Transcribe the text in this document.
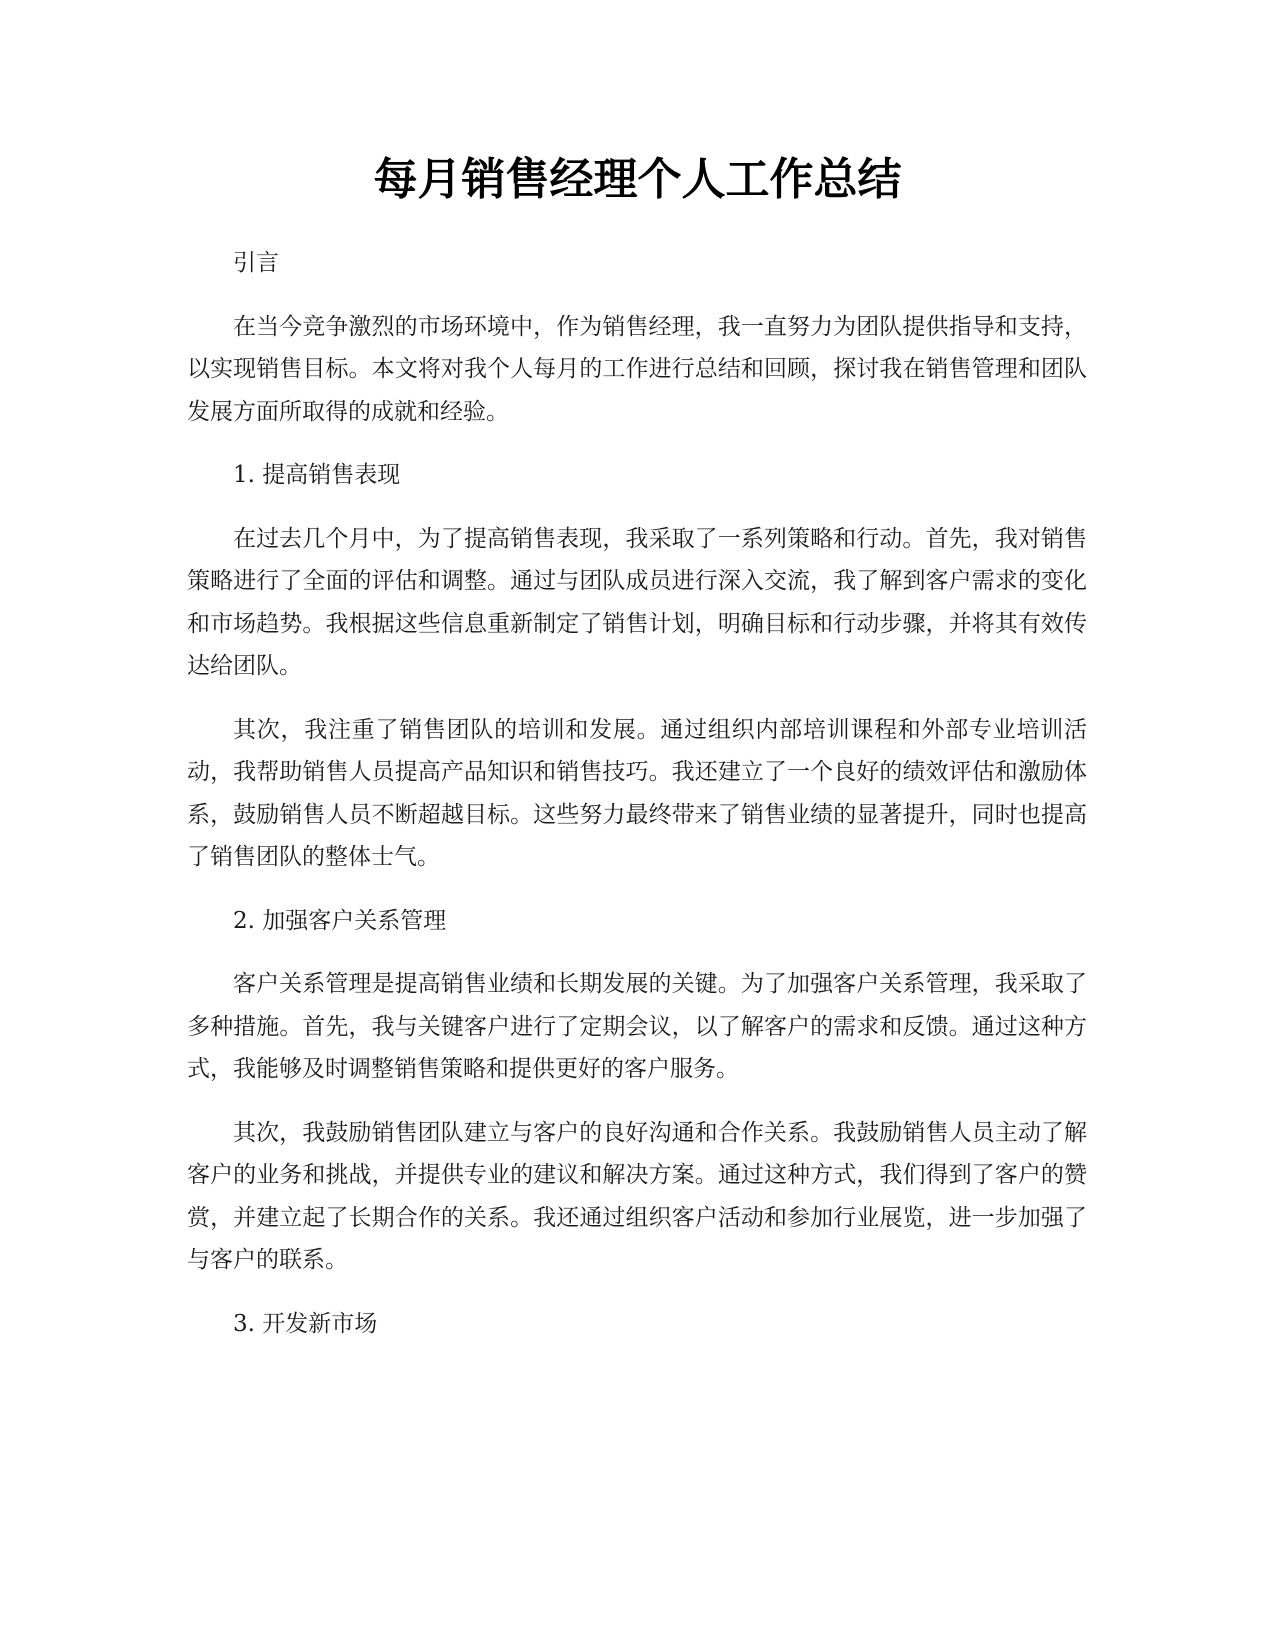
每月销售经理个人工作总结

引言

在当今竞争激烈的市场环境中，作为销售经理，我一直努力为团队提供指导和支持，以实现销售目标。本文将对我个人每月的工作进行总结和回顾，探讨我在销售管理和团队发展方面所取得的成就和经验。

1. 提高销售表现

在过去几个月中，为了提高销售表现，我采取了一系列策略和行动。首先，我对销售策略进行了全面的评估和调整。通过与团队成员进行深入交流，我了解到客户需求的变化和市场趋势。我根据这些信息重新制定了销售计划，明确目标和行动步骤，并将其有效传达给团队。

其次，我注重了销售团队的培训和发展。通过组织内部培训课程和外部专业培训活动，我帮助销售人员提高产品知识和销售技巧。我还建立了一个良好的绩效评估和激励体系，鼓励销售人员不断超越目标。这些努力最终带来了销售业绩的显著提升，同时也提高了销售团队的整体士气。

2. 加强客户关系管理

客户关系管理是提高销售业绩和长期发展的关键。为了加强客户关系管理，我采取了多种措施。首先，我与关键客户进行了定期会议，以了解客户的需求和反馈。通过这种方式，我能够及时调整销售策略和提供更好的客户服务。

其次，我鼓励销售团队建立与客户的良好沟通和合作关系。我鼓励销售人员主动了解客户的业务和挑战，并提供专业的建议和解决方案。通过这种方式，我们得到了客户的赞赏，并建立起了长期合作的关系。我还通过组织客户活动和参加行业展览，进一步加强了与客户的联系。

3. 开发新市场
